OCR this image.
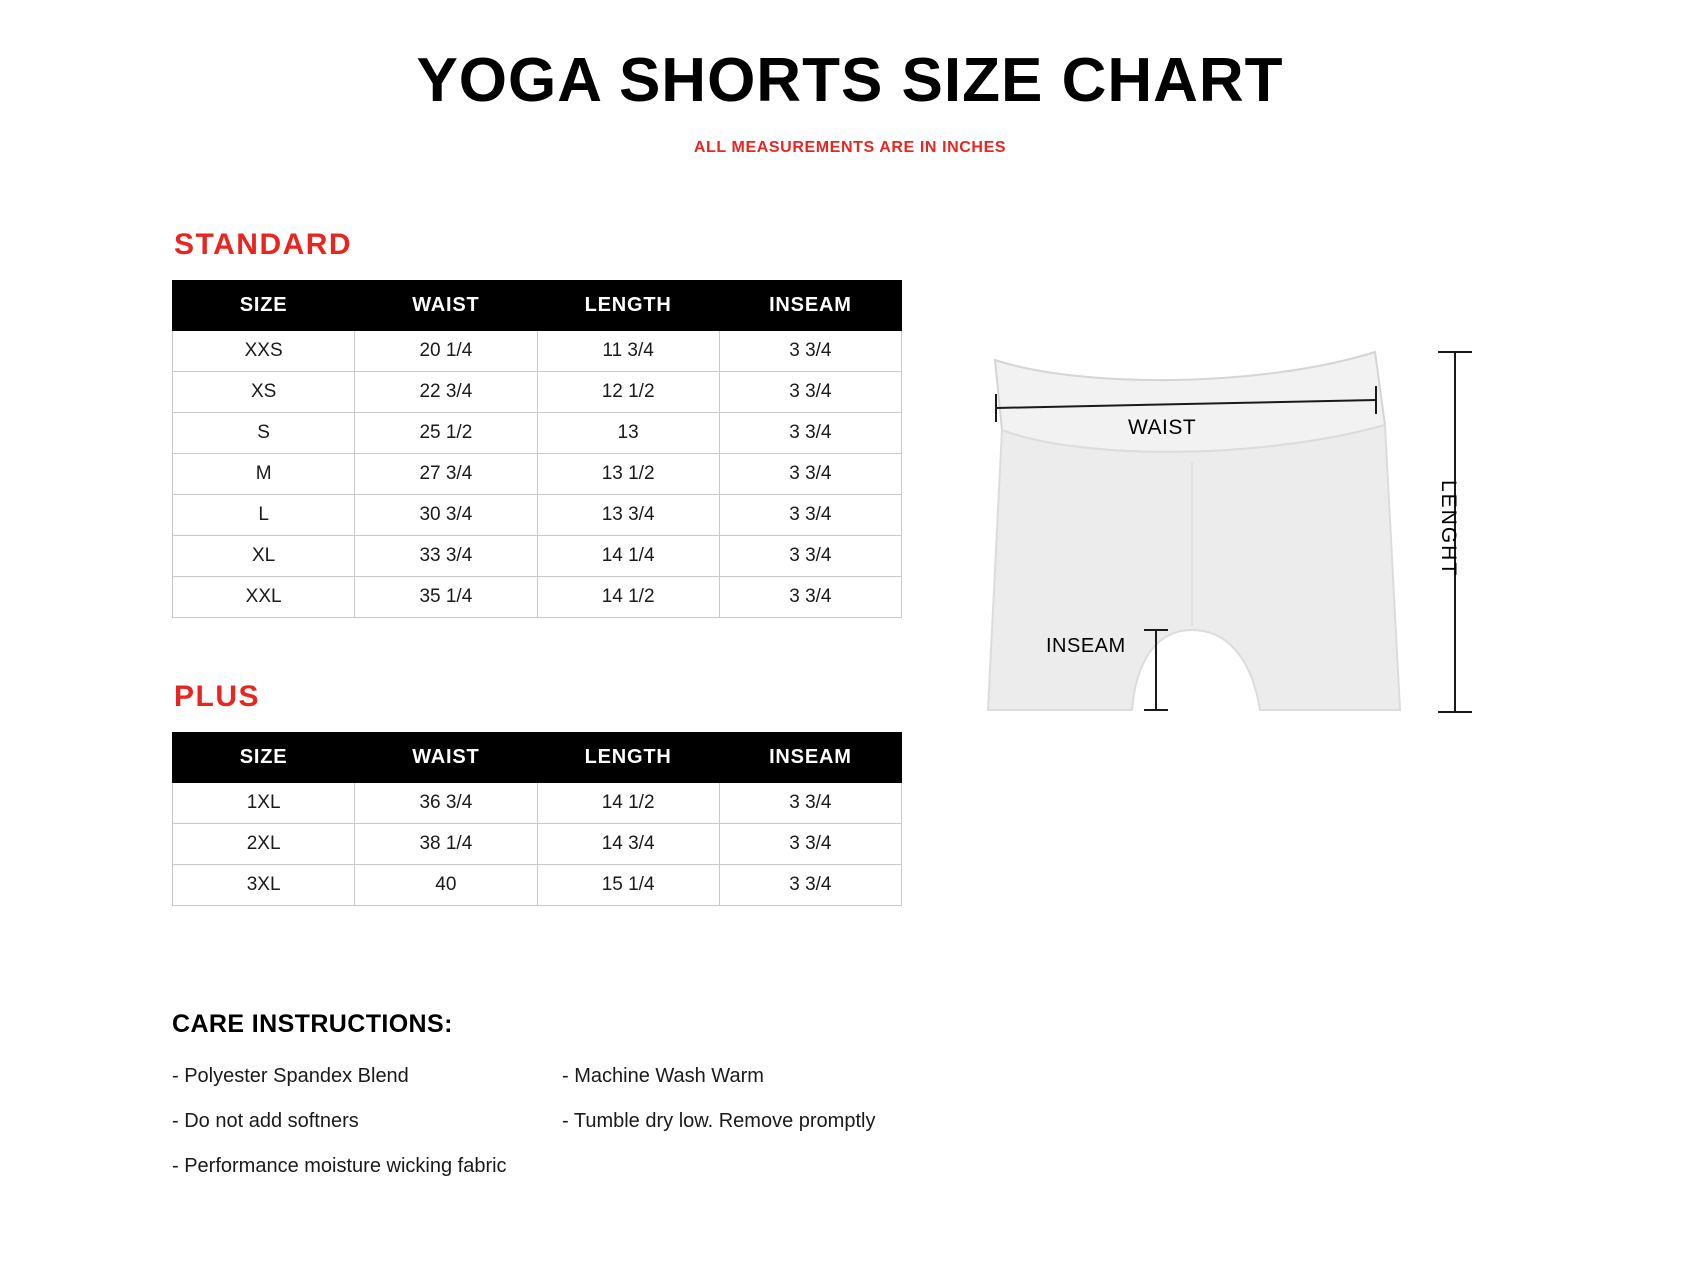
YOGA SHORTS SIZE CHART
ALL MEASUREMENTS ARE IN INCHES
STANDARD
SIZE	WAIST	LENGTH	INSEAM
XXS	20 1/4	11 3/4	3 3/4
XS	22 3/4	12 1/2	3 3/4
S	25 1/2	13	3 3/4
M	27 3/4	13 1/2	3 3/4
L	30 3/4	13 3/4	3 3/4
XL	33 3/4	14 1/4	3 3/4
XXL	35 1/4	14 1/2	3 3/4
PLUS
SIZE	WAIST	LENGTH	INSEAM
1XL	36 3/4	14 1/2	3 3/4
2XL	38 1/4	14 3/4	3 3/4
3XL	40	15 1/4	3 3/4
CARE INSTRUCTIONS:
- Polyester Spandex Blend	- Machine Wash Warm
- Do not add softners	- Tumble dry low. Remove promptly
- Performance moisture wicking fabric
WAIST
INSEAM
LENGHT
